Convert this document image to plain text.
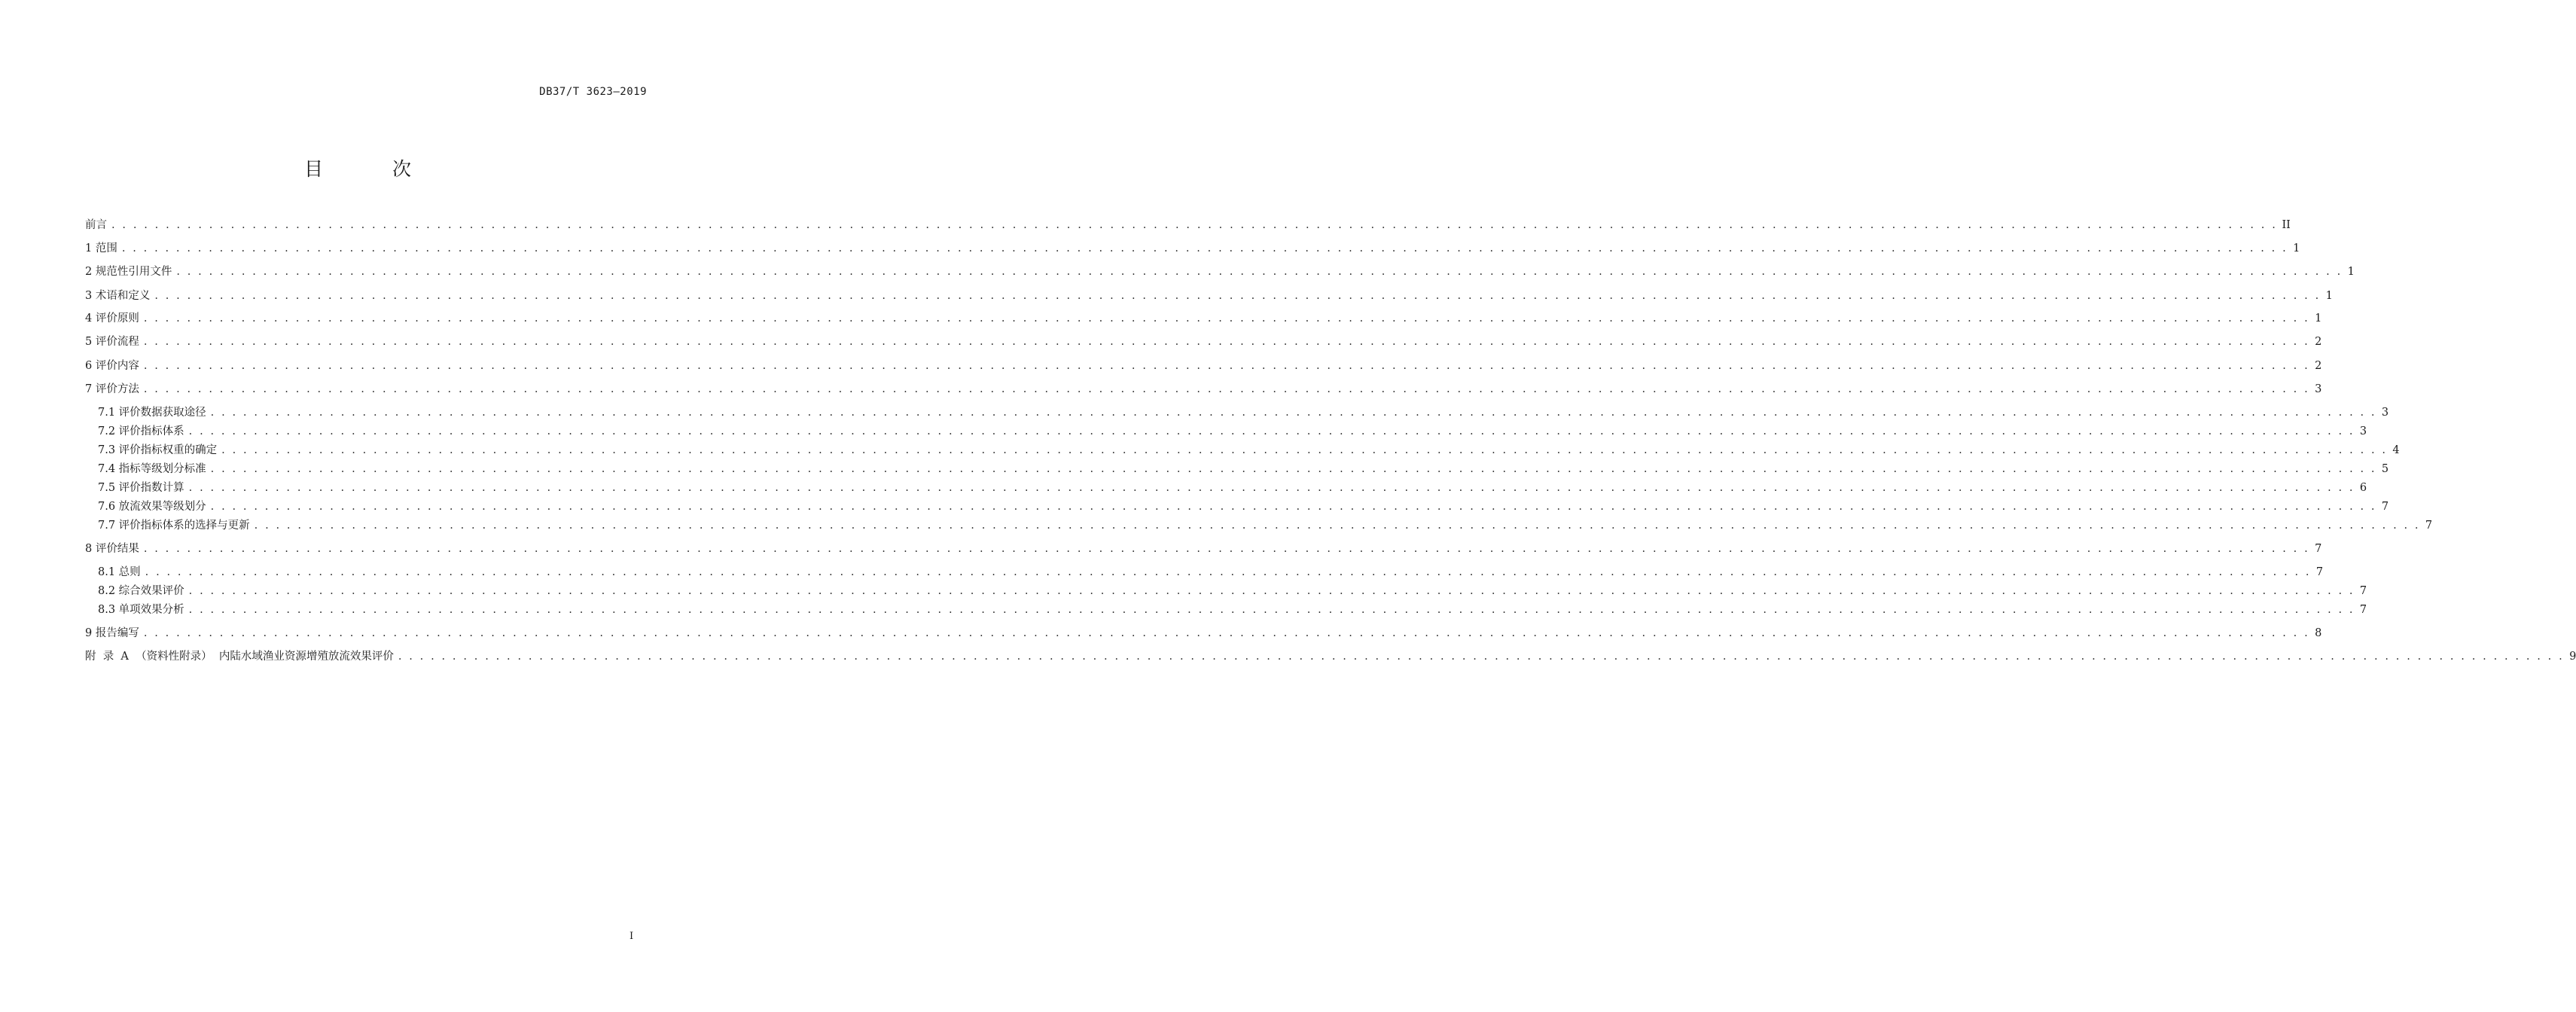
DB37/T 3623—2019
目 次
前言 . . . . . . . . . . . . . . . . . . . . . . . . . . . . . . . . . . . . . . . . . . . . . . . . . . . . . . . . . . . . . . . . . . . . . . . . . . . . . . . . . . . . . . . . . . . . . . . . . . . . . . . . . . . . . . . . . . . . . . . . . . . . . . . . . . . . . . . . . . . . . . . . . . . . . . . . . . . . . . . . . . . . . . . . . . . . . . . . . . . . . . . . . . . . . . . . . . . . . . . . II
1 范围 . . . . . . . . . . . . . . . . . . . . . . . . . . . . . . . . . . . . . . . . . . . . . . . . . . . . . . . . . . . . . . . . . . . . . . . . . . . . . . . . . . . . . . . . . . . . . . . . . . . . . . . . . . . . . . . . . . . . . . . . . . . . . . . . . . . . . . . . . . . . . . . . . . . . . . . . . . . . . . . . . . . . . . . . . . . . . . . . . . . . . . . . . . . . . . . . . . . . . . . . 1
2 规范性引用文件 . . . . . . . . . . . . . . . . . . . . . . . . . . . . . . . . . . . . . . . . . . . . . . . . . . . . . . . . . . . . . . . . . . . . . . . . . . . . . . . . . . . . . . . . . . . . . . . . . . . . . . . . . . . . . . . . . . . . . . . . . . . . . . . . . . . . . . . . . . . . . . . . . . . . . . . . . . . . . . . . . . . . . . . . . . . . . . . . . . . . . . . . . . . . . . . . . . . . . . . . 1
3 术语和定义 . . . . . . . . . . . . . . . . . . . . . . . . . . . . . . . . . . . . . . . . . . . . . . . . . . . . . . . . . . . . . . . . . . . . . . . . . . . . . . . . . . . . . . . . . . . . . . . . . . . . . . . . . . . . . . . . . . . . . . . . . . . . . . . . . . . . . . . . . . . . . . . . . . . . . . . . . . . . . . . . . . . . . . . . . . . . . . . . . . . . . . . . . . . . . . . . . . . . . . . . 1
4 评价原则 . . . . . . . . . . . . . . . . . . . . . . . . . . . . . . . . . . . . . . . . . . . . . . . . . . . . . . . . . . . . . . . . . . . . . . . . . . . . . . . . . . . . . . . . . . . . . . . . . . . . . . . . . . . . . . . . . . . . . . . . . . . . . . . . . . . . . . . . . . . . . . . . . . . . . . . . . . . . . . . . . . . . . . . . . . . . . . . . . . . . . . . . . . . . . . . . . . . . . . . . 1
5 评价流程 . . . . . . . . . . . . . . . . . . . . . . . . . . . . . . . . . . . . . . . . . . . . . . . . . . . . . . . . . . . . . . . . . . . . . . . . . . . . . . . . . . . . . . . . . . . . . . . . . . . . . . . . . . . . . . . . . . . . . . . . . . . . . . . . . . . . . . . . . . . . . . . . . . . . . . . . . . . . . . . . . . . . . . . . . . . . . . . . . . . . . . . . . . . . . . . . . . . . . . . . 2
6 评价内容 . . . . . . . . . . . . . . . . . . . . . . . . . . . . . . . . . . . . . . . . . . . . . . . . . . . . . . . . . . . . . . . . . . . . . . . . . . . . . . . . . . . . . . . . . . . . . . . . . . . . . . . . . . . . . . . . . . . . . . . . . . . . . . . . . . . . . . . . . . . . . . . . . . . . . . . . . . . . . . . . . . . . . . . . . . . . . . . . . . . . . . . . . . . . . . . . . . . . . . . . 2
7 评价方法 . . . . . . . . . . . . . . . . . . . . . . . . . . . . . . . . . . . . . . . . . . . . . . . . . . . . . . . . . . . . . . . . . . . . . . . . . . . . . . . . . . . . . . . . . . . . . . . . . . . . . . . . . . . . . . . . . . . . . . . . . . . . . . . . . . . . . . . . . . . . . . . . . . . . . . . . . . . . . . . . . . . . . . . . . . . . . . . . . . . . . . . . . . . . . . . . . . . . . . . . 3
7.1 评价数据获取途径 . . . . . . . . . . . . . . . . . . . . . . . . . . . . . . . . . . . . . . . . . . . . . . . . . . . . . . . . . . . . . . . . . . . . . . . . . . . . . . . . . . . . . . . . . . . . . . . . . . . . . . . . . . . . . . . . . . . . . . . . . . . . . . . . . . . . . . . . . . . . . . . . . . . . . . . . . . . . . . . . . . . . . . . . . . . . . . . . . . . . . . . . . . . . . . . . . . . . . . . . 3
7.2 评价指标体系 . . . . . . . . . . . . . . . . . . . . . . . . . . . . . . . . . . . . . . . . . . . . . . . . . . . . . . . . . . . . . . . . . . . . . . . . . . . . . . . . . . . . . . . . . . . . . . . . . . . . . . . . . . . . . . . . . . . . . . . . . . . . . . . . . . . . . . . . . . . . . . . . . . . . . . . . . . . . . . . . . . . . . . . . . . . . . . . . . . . . . . . . . . . . . . . . . . . . . . . . 3
7.3 评价指标权重的确定 . . . . . . . . . . . . . . . . . . . . . . . . . . . . . . . . . . . . . . . . . . . . . . . . . . . . . . . . . . . . . . . . . . . . . . . . . . . . . . . . . . . . . . . . . . . . . . . . . . . . . . . . . . . . . . . . . . . . . . . . . . . . . . . . . . . . . . . . . . . . . . . . . . . . . . . . . . . . . . . . . . . . . . . . . . . . . . . . . . . . . . . . . . . . . . . . . . . . . . . . 4
7.4 指标等级划分标准 . . . . . . . . . . . . . . . . . . . . . . . . . . . . . . . . . . . . . . . . . . . . . . . . . . . . . . . . . . . . . . . . . . . . . . . . . . . . . . . . . . . . . . . . . . . . . . . . . . . . . . . . . . . . . . . . . . . . . . . . . . . . . . . . . . . . . . . . . . . . . . . . . . . . . . . . . . . . . . . . . . . . . . . . . . . . . . . . . . . . . . . . . . . . . . . . . . . . . . . . 5
7.5 评价指数计算 . . . . . . . . . . . . . . . . . . . . . . . . . . . . . . . . . . . . . . . . . . . . . . . . . . . . . . . . . . . . . . . . . . . . . . . . . . . . . . . . . . . . . . . . . . . . . . . . . . . . . . . . . . . . . . . . . . . . . . . . . . . . . . . . . . . . . . . . . . . . . . . . . . . . . . . . . . . . . . . . . . . . . . . . . . . . . . . . . . . . . . . . . . . . . . . . . . . . . . . . 6
7.6 放流效果等级划分 . . . . . . . . . . . . . . . . . . . . . . . . . . . . . . . . . . . . . . . . . . . . . . . . . . . . . . . . . . . . . . . . . . . . . . . . . . . . . . . . . . . . . . . . . . . . . . . . . . . . . . . . . . . . . . . . . . . . . . . . . . . . . . . . . . . . . . . . . . . . . . . . . . . . . . . . . . . . . . . . . . . . . . . . . . . . . . . . . . . . . . . . . . . . . . . . . . . . . . . . 7
7.7 评价指标体系的选择与更新 . . . . . . . . . . . . . . . . . . . . . . . . . . . . . . . . . . . . . . . . . . . . . . . . . . . . . . . . . . . . . . . . . . . . . . . . . . . . . . . . . . . . . . . . . . . . . . . . . . . . . . . . . . . . . . . . . . . . . . . . . . . . . . . . . . . . . . . . . . . . . . . . . . . . . . . . . . . . . . . . . . . . . . . . . . . . . . . . . . . . . . . . . . . . . . . . . . . . . . . . 7
8 评价结果 . . . . . . . . . . . . . . . . . . . . . . . . . . . . . . . . . . . . . . . . . . . . . . . . . . . . . . . . . . . . . . . . . . . . . . . . . . . . . . . . . . . . . . . . . . . . . . . . . . . . . . . . . . . . . . . . . . . . . . . . . . . . . . . . . . . . . . . . . . . . . . . . . . . . . . . . . . . . . . . . . . . . . . . . . . . . . . . . . . . . . . . . . . . . . . . . . . . . . . . . 7
8.1 总则 . . . . . . . . . . . . . . . . . . . . . . . . . . . . . . . . . . . . . . . . . . . . . . . . . . . . . . . . . . . . . . . . . . . . . . . . . . . . . . . . . . . . . . . . . . . . . . . . . . . . . . . . . . . . . . . . . . . . . . . . . . . . . . . . . . . . . . . . . . . . . . . . . . . . . . . . . . . . . . . . . . . . . . . . . . . . . . . . . . . . . . . . . . . . . . . . . . . . . . . . 7
8.2 综合效果评价 . . . . . . . . . . . . . . . . . . . . . . . . . . . . . . . . . . . . . . . . . . . . . . . . . . . . . . . . . . . . . . . . . . . . . . . . . . . . . . . . . . . . . . . . . . . . . . . . . . . . . . . . . . . . . . . . . . . . . . . . . . . . . . . . . . . . . . . . . . . . . . . . . . . . . . . . . . . . . . . . . . . . . . . . . . . . . . . . . . . . . . . . . . . . . . . . . . . . . . . . 7
8.3 单项效果分析 . . . . . . . . . . . . . . . . . . . . . . . . . . . . . . . . . . . . . . . . . . . . . . . . . . . . . . . . . . . . . . . . . . . . . . . . . . . . . . . . . . . . . . . . . . . . . . . . . . . . . . . . . . . . . . . . . . . . . . . . . . . . . . . . . . . . . . . . . . . . . . . . . . . . . . . . . . . . . . . . . . . . . . . . . . . . . . . . . . . . . . . . . . . . . . . . . . . . . . . . 7
9 报告编写 . . . . . . . . . . . . . . . . . . . . . . . . . . . . . . . . . . . . . . . . . . . . . . . . . . . . . . . . . . . . . . . . . . . . . . . . . . . . . . . . . . . . . . . . . . . . . . . . . . . . . . . . . . . . . . . . . . . . . . . . . . . . . . . . . . . . . . . . . . . . . . . . . . . . . . . . . . . . . . . . . . . . . . . . . . . . . . . . . . . . . . . . . . . . . . . . . . . . . . . . 8
附  录  A  （资料性附录）  内陆水域渔业资源增殖放流效果评价 . . . . . . . . . . . . . . . . . . . . . . . . . . . . . . . . . . . . . . . . . . . . . . . . . . . . . . . . . . . . . . . . . . . . . . . . . . . . . . . . . . . . . . . . . . . . . . . . . . . . . . . . . . . . . . . . . . . . . . . . . . . . . . . . . . . . . . . . . . . . . . . . . . . . . . . . . . . . . . . . . . . . . . . . . . . . . . . . . . . . . . . . . . . . . . . . . . . . . . . . 9
I
